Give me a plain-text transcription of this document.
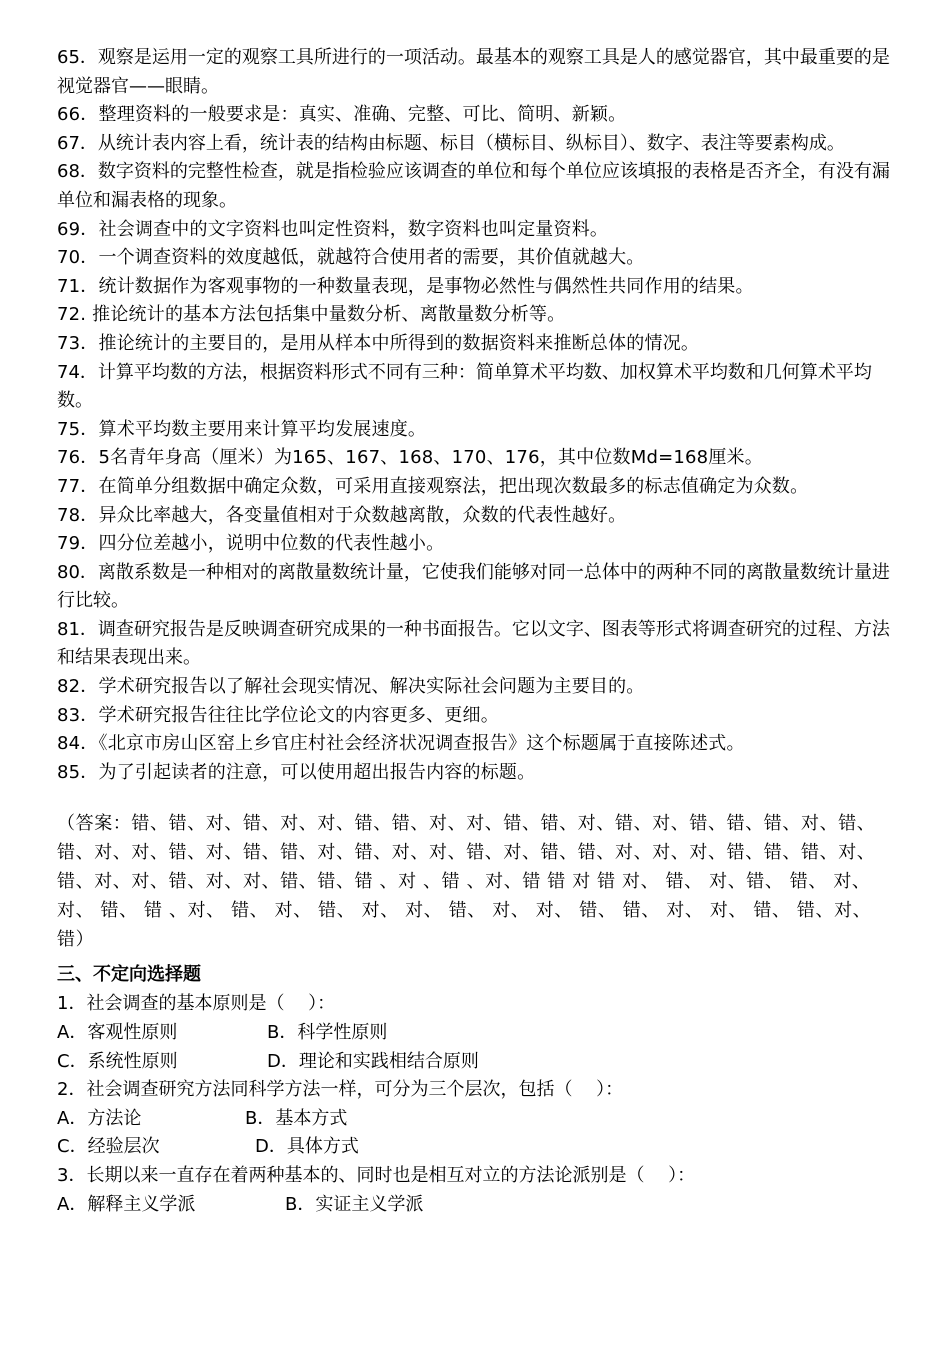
65．观察是运用一定的观察工具所进行的一项活动。最基本的观察工具是人的感觉器官，其中最重要的是视觉器官——眼睛。
66．整理资料的一般要求是：真实、准确、完整、可比、简明、新颖。
67．从统计表内容上看，统计表的结构由标题、标目（横标目、纵标目）、数字、表注等要素构成。
68．数字资料的完整性检查，就是指检验应该调查的单位和每个单位应该填报的表格是否齐全，有没有漏单位和漏表格的现象。
69．社会调查中的文字资料也叫定性资料，数字资料也叫定量资料。
70．一个调查资料的效度越低，就越符合使用者的需要，其价值就越大。
71．统计数据作为客观事物的一种数量表现，是事物必然性与偶然性共同作用的结果。
72. 推论统计的基本方法包括集中量数分析、离散量数分析等。
73．推论统计的主要目的，是用从样本中所得到的数据资料来推断总体的情况。
74．计算平均数的方法，根据资料形式不同有三种：简单算术平均数、加权算术平均数和几何算术平均数。
75．算术平均数主要用来计算平均发展速度。
76．5名青年身高（厘米）为165、167、168、170、176，其中位数Md=168厘米。
77．在简单分组数据中确定众数，可采用直接观察法，把出现次数最多的标志值确定为众数。
78．异众比率越大，各变量值相对于众数越离散，众数的代表性越好。
79．四分位差越小，说明中位数的代表性越小。
80．离散系数是一种相对的离散量数统计量，它使我们能够对同一总体中的两种不同的离散量数统计量进行比较。
81．调查研究报告是反映调查研究成果的一种书面报告。它以文字、图表等形式将调查研究的过程、方法和结果表现出来。
82．学术研究报告以了解社会现实情况、解决实际社会问题为主要目的。
83．学术研究报告往往比学位论文的内容更多、更细。
84．《北京市房山区窑上乡官庄村社会经济状况调查报告》这个标题属于直接陈述式。
85．为了引起读者的注意，可以使用超出报告内容的标题。
（答案：错、错、对、错、对、对、错、错、对、对、错、错、对、错、对、错、错、错、对、错、错、对、对、错、对、错、错、对、错、对、对、错、对、错、错、对、对、对、错、错、错、对、错、对、对、错、对、对、错、错、错 、对 、错 、对、错 错 对 错 对、 错、 对、错、 错、 对、 对、 错、 错 、对、 错、 对、 错、 对、 对、 错、 对、 对、 错、 错、 对、 对、 错、 错、对、错）
三、不定向选择题
1．社会调查的基本原则是（　 ）：
A．客观性原则	B．科学性原则
C．系统性原则	D．理论和实践相结合原则
2．社会调查研究方法同科学方法一样，可分为三个层次，包括（　 ）：
A．方法论	B．基本方式
C．经验层次	D．具体方式
3．长期以来一直存在着两种基本的、同时也是相互对立的方法论派别是（　 ）：
A．解释主义学派	B．实证主义学派
